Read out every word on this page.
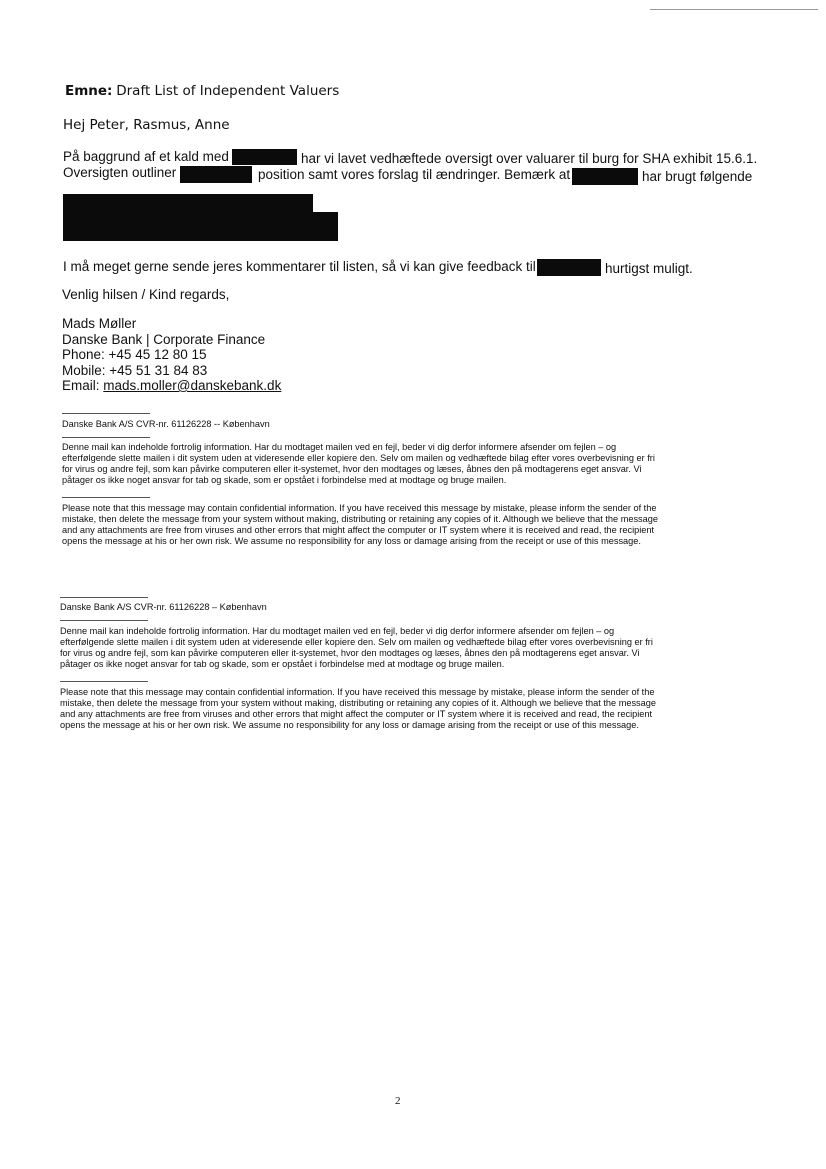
Emne: Draft List of Independent Valuers
Hej Peter, Rasmus, Anne
På baggrund af et kald med	har vi lavet vedhæftede oversigt over valuarer til burg for SHA exhibit 15.6.1.
Oversigten outliner	position samt vores forslag til ændringer. Bemærk at	har brugt følgende
I må meget gerne sende jeres kommentarer til listen, så vi kan give feedback til	hurtigst muligt.
Venlig hilsen / Kind regards,
Mads Møller
Danske Bank | Corporate Finance
Phone: +45 45 12 80 15
Mobile: +45 51 31 84 83
Email: mads.moller@danskebank.dk
Danske Bank A/S CVR-nr. 61126228 -- København
Denne mail kan indeholde fortrolig information. Har du modtaget mailen ved en fejl, beder vi dig derfor informere afsender om fejlen – og
efterfølgende slette mailen i dit system uden at videresende eller kopiere den. Selv om mailen og vedhæftede bilag efter vores overbevisning er fri
for virus og andre fejl, som kan påvirke computeren eller it-systemet, hvor den modtages og læses, åbnes den på modtagerens eget ansvar. Vi
påtager os ikke noget ansvar for tab og skade, som er opstået i forbindelse med at modtage og bruge mailen.
Please note that this message may contain confidential information. If you have received this message by mistake, please inform the sender of the
mistake, then delete the message from your system without making, distributing or retaining any copies of it. Although we believe that the message
and any attachments are free from viruses and other errors that might affect the computer or IT system where it is received and read, the recipient
opens the message at his or her own risk. We assume no responsibility for any loss or damage arising from the receipt or use of this message.
Danske Bank A/S CVR-nr. 61126228 – København
Denne mail kan indeholde fortrolig information. Har du modtaget mailen ved en fejl, beder vi dig derfor informere afsender om fejlen – og
efterfølgende slette mailen i dit system uden at videresende eller kopiere den. Selv om mailen og vedhæftede bilag efter vores overbevisning er fri
for virus og andre fejl, som kan påvirke computeren eller it-systemet, hvor den modtages og læses, åbnes den på modtagerens eget ansvar. Vi
påtager os ikke noget ansvar for tab og skade, som er opstået i forbindelse med at modtage og bruge mailen.
Please note that this message may contain confidential information. If you have received this message by mistake, please inform the sender of the
mistake, then delete the message from your system without making, distributing or retaining any copies of it. Although we believe that the message
and any attachments are free from viruses and other errors that might affect the computer or IT system where it is received and read, the recipient
opens the message at his or her own risk. We assume no responsibility for any loss or damage arising from the receipt or use of this message.
2
